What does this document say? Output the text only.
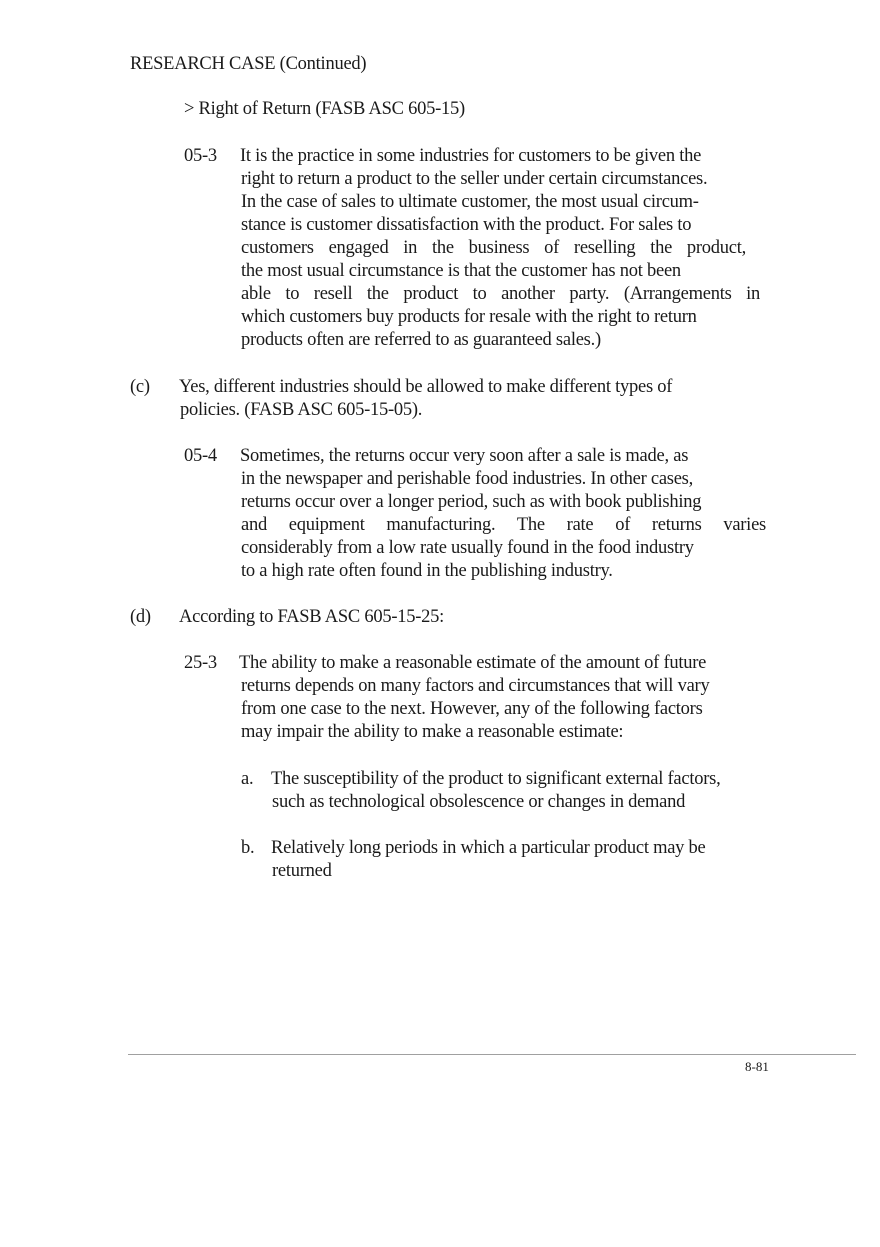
RESEARCH CASE (Continued)
> Right of Return (FASB ASC 605-15)
05-3 It is the practice in some industries for customers to be given the
right to return a product to the seller under certain circumstances.
In the case of sales to ultimate customer, the most usual circum-
stance is customer dissatisfaction with the product. For sales to
customers engaged in the business of reselling the product,
the most usual circumstance is that the customer has not been
able to resell the product to another party. (Arrangements in
which customers buy products for resale with the right to return
products often are referred to as guaranteed sales.)
(c) Yes, different industries should be allowed to make different types of
policies. (FASB ASC 605-15-05).
05-4 Sometimes, the returns occur very soon after a sale is made, as
in the newspaper and perishable food industries. In other cases,
returns occur over a longer period, such as with book publishing
and equipment manufacturing. The rate of returns varies
considerably from a low rate usually found in the food industry
to a high rate often found in the publishing industry.
(d) According to FASB ASC 605-15-25:
25-3 The ability to make a reasonable estimate of the amount of future
returns depends on many factors and circumstances that will vary
from one case to the next. However, any of the following factors
may impair the ability to make a reasonable estimate:
a. The susceptibility of the product to significant external factors,
such as technological obsolescence or changes in demand
b. Relatively long periods in which a particular product may be
returned
8-81
